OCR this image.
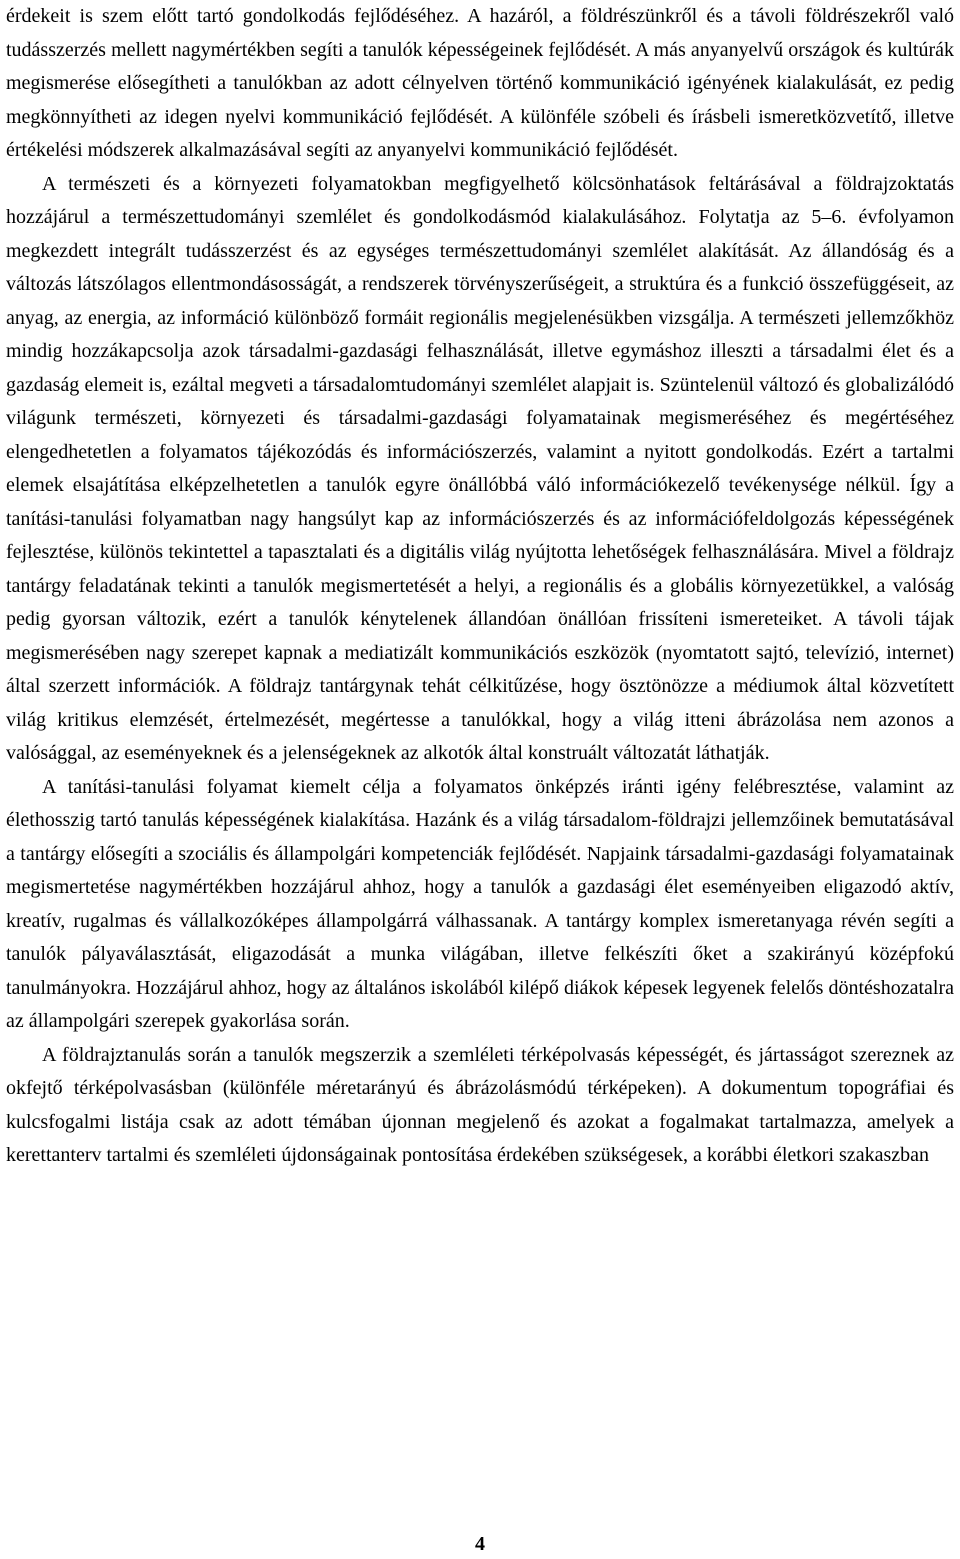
érdekeit is szem előtt tartó gondolkodás fejlődéséhez. A hazáról, a földrészünkről és a távoli földrészekről való tudásszerzés mellett nagymértékben segíti a tanulók képességeinek fejlődését. A más anyanyelvű országok és kultúrák megismerése elősegítheti a tanulókban az adott célnyelven történő kommunikáció igényének kialakulását, ez pedig megkönnyítheti az idegen nyelvi kommunikáció fejlődését. A különféle szóbeli és írásbeli ismeretközvetítő, illetve értékelési módszerek alkalmazásával segíti az anyanyelvi kommunikáció fejlődését.

A természeti és a környezeti folyamatokban megfigyelhető kölcsönhatások feltárásával a földrajzoktatás hozzájárul a természettudományi szemlélet és gondolkodásmód kialakulásához. Folytatja az 5–6. évfolyamon megkezdett integrált tudásszerzést és az egységes természettudományi szemlélet alakítását. Az állandóság és a változás látszólagos ellentmondásosságát, a rendszerek törvényszerűségeit, a struktúra és a funkció összefüggéseit, az anyag, az energia, az információ különböző formáit regionális megjelenésükben vizsgálja. A természeti jellemzőkhöz mindig hozzákapcsolja azok társadalmi-gazdasági felhasználását, illetve egymáshoz illeszti a társadalmi élet és a gazdaság elemeit is, ezáltal megveti a társadalomtudományi szemlélet alapjait is. Szüntelenül változó és globalizálódó világunk természeti, környezeti és társadalmi-gazdasági folyamatainak megismeréséhez és megértéséhez elengedhetetlen a folyamatos tájékozódás és információszerzés, valamint a nyitott gondolkodás. Ezért a tartalmi elemek elsajátítása elképzelhetetlen a tanulók egyre önállóbbá váló információkezelő tevékenysége nélkül. Így a tanítási-tanulási folyamatban nagy hangsúlyt kap az információszerzés és az információfeldolgozás képességének fejlesztése, különös tekintettel a tapasztalati és a digitális világ nyújtotta lehetőségek felhasználására. Mivel a földrajz tantárgy feladatának tekinti a tanulók megismertetését a helyi, a regionális és a globális környezetükkel, a valóság pedig gyorsan változik, ezért a tanulók kénytelenek állandóan önállóan frissíteni ismereteiket. A távoli tájak megismerésében nagy szerepet kapnak a mediatizált kommunikációs eszközök (nyomtatott sajtó, televízió, internet) által szerzett információk. A földrajz tantárgynak tehát célkitűzése, hogy ösztönözze a médiumok által közvetített világ kritikus elemzését, értelmezését, megértesse a tanulókkal, hogy a világ itteni ábrázolása nem azonos a valósággal, az eseményeknek és a jelenségeknek az alkotók által konstruált változatát láthatják.

A tanítási-tanulási folyamat kiemelt célja a folyamatos önképzés iránti igény felébresztése, valamint az élethosszig tartó tanulás képességének kialakítása. Hazánk és a világ társadalom-földrajzi jellemzőinek bemutatásával a tantárgy elősegíti a szociális és állampolgári kompetenciák fejlődését. Napjaink társadalmi-gazdasági folyamatainak megismertetése nagymértékben hozzájárul ahhoz, hogy a tanulók a gazdasági élet eseményeiben eligazodó aktív, kreatív, rugalmas és vállalkozóképes állampolgárrá válhassanak. A tantárgy komplex ismeretanyaga révén segíti a tanulók pályaválasztását, eligazodását a munka világában, illetve felkészíti őket a szakirányú középfokú tanulmányokra. Hozzájárul ahhoz, hogy az általános iskolából kilépő diákok képesek legyenek felelős döntéshozatalra az állampolgári szerepek gyakorlása során.

A földrajztanulás során a tanulók megszerzik a szemléleti térképolvasás képességét, és jártasságot szereznek az okfejtő térképolvasásban (különféle méretarányú és ábrázolásmódú térképeken). A dokumentum topográfiai és kulcsfogalmi listája csak az adott témában újonnan megjelenő és azokat a fogalmakat tartalmazza, amelyek a kerettanterv tartalmi és szemléleti újdonságainak pontosítása érdekében szükségesek, a korábbi életkori szakaszban

4
